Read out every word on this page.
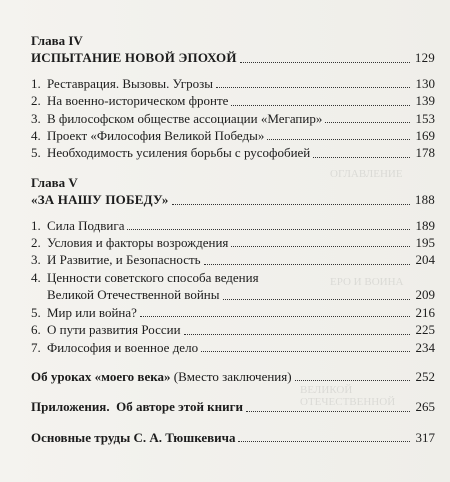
ОГЛАВЛЕНИЕ
ЕРО И ВОИНА
ВЕЛИКОЙ ОТЕЧЕСТВЕННОЙ
Глава IV
ИСПЫТАНИЕ НОВОЙ ЭПОХОЙ	129
1. Реставрация. Вызовы. Угрозы	130
2. На военно-историческом фронте	139
3. В философском обществе ассоциации «Мегапир»	153
4. Проект «Философия Великой Победы»	169
5. Необходимость усиления борьбы с русофобией	178
Глава V
«ЗА НАШУ ПОБЕДУ»	188
1. Сила Подвига	189
2. Условия и факторы возрождения	195
3. И Развитие, и Безопасность	204
4. Ценности советского способа ведения
Великой Отечественной войны	209
5. Мир или война?	216
6. О пути развития России	225
7. Философия и военное дело	234
Об уроках «моего века» (Вместо заключения)	252
Приложения.  Об авторе этой книги	265
Основные труды С. А. Тюшкевича	317
